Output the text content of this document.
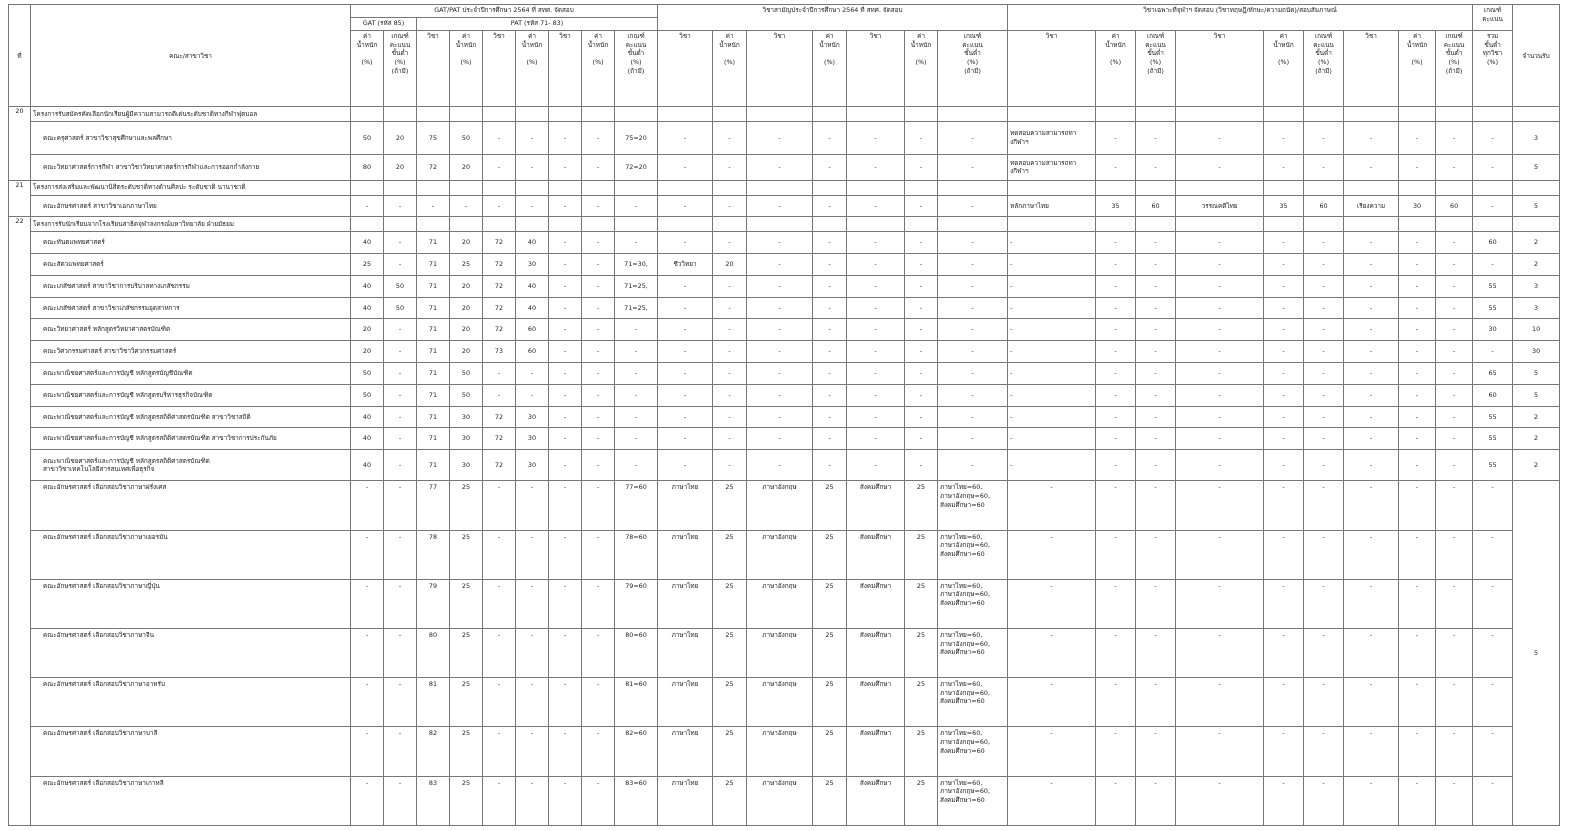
ที่	คณะ/สาขาวิชา	GAT/PAT ประจำปีการศึกษา 2564 ที่ สทศ. จัดสอบ									วิชาสามัญประจำปีการศึกษา 2564 ที่ สทศ. จัดสอบ							วิชาเฉพาะที่จุฬาฯ จัดสอบ (วิชาทฤษฎี/ทักษะ/ความถนัด)/สอบสัมภาษณ์									เกณฑ์
คะแนน	จำนวนรับ
		GAT (รหัส 85)		PAT (รหัส 71- 83)																								
		ค่า
น้ำหนัก

(%)	เกณฑ์
คะแนน
ขั้นต่ำ
(%)
(ถ้ามี)	วิชา	ค่า
น้ำหนัก

(%)	วิชา	ค่า
น้ำหนัก

(%)	วิชา	ค่า
น้ำหนัก

(%)	เกณฑ์
คะแนน
ขั้นต่ำ
(%)
(ถ้ามี)	วิชา	ค่า
น้ำหนัก

(%)	วิชา	ค่า
น้ำหนัก

(%)	วิชา	ค่า
น้ำหนัก

(%)	เกณฑ์
คะแนน
ขั้นต่ำ
(%)
(ถ้ามี)	วิชา	ค่า
น้ำหนัก

(%)	เกณฑ์
คะแนน
ขั้นต่ำ
(%)
(ถ้ามี)	วิชา	ค่า
น้ำหนัก

(%)	เกณฑ์
คะแนน
ขั้นต่ำ
(%)
(ถ้ามี)	วิชา	ค่า
น้ำหนัก

(%)	เกณฑ์
คะแนน
ขั้นต่ำ
(%)
(ถ้ามี)	รวม
ขั้นต่ำ
ทุกวิชา
(%)	
20	โครงการรับสมัครคัดเลือกนักเรียนผู้มีความสามารถดีเด่นระดับชาติทางกีฬาฟุตบอล																											
	คณะครุศาสตร์ สาขาวิชาสุขศึกษาและพลศึกษา	50	20	75	50	-	-	-	-	75=20	-	-	-	-	-	-	-	ทดสอบความสามารถทางกีฬาฯ	-	-	-	-	-	-	-	-	-	3
	คณะวิทยาศาสตร์การกีฬา สาขาวิชาวิทยาศาสตร์การกีฬาและการออกกำลังกาย	80	20	72	20	-	-	-	-	72=20	-	-	-	-	-	-	-	ทดสอบความสามารถทางกีฬาฯ	-	-	-	-	-	-	-	-	-	5
21	โครงการส่งเสริมและพัฒนานิสิตระดับชาติทางด้านศิลปะ ระดับชาติ นานาชาติ																											
	คณะอักษรศาสตร์ สาขาวิชาเอกภาษาไทย	-	-	-	-	-	-	-	-	-	-	-	-	-	-	-	-	หลักภาษาไทย	35	60	วรรณคดีไทย	35	60	เรียงความ	30	60	-	5
22	โครงการรับนักเรียนจากโรงเรียนสาธิตจุฬาลงกรณ์มหาวิทยาลัย ฝ่ายมัธยม																											
	คณะทันตแพทยศาสตร์	40	-	71	20	72	40	-	-	-	-	-	-	-	-	-	-	-	-	-	-	-	-	-	-	-	60	2
	คณะสัตวแพทยศาสตร์	25	-	71	25	72	30	-	-	71=30,	ชีววิทยา	20	-	-	-	-	-	-	-	-	-	-	-	-	-	-	-	2
	คณะเภสัชศาสตร์ สาขาวิชาการบริบาลทางเภสัชกรรม	40	50	71	20	72	40	-	-	71=25,	-	-	-	-	-	-	-	-	-	-	-	-	-	-	-	-	55	3
	คณะเภสัชศาสตร์ สาขาวิชาเภสัชกรรมอุตสาหการ	40	50	71	20	72	40	-	-	71=25,	-	-	-	-	-	-	-	-	-	-	-	-	-	-	-	-	55	3
	คณะวิทยาศาสตร์ หลักสูตรวิทยาศาสตรบัณฑิต	20	-	71	20	72	60	-	-	-	-	-	-	-	-	-	-	-	-	-	-	-	-	-	-	-	30	10
	คณะวิศวกรรมศาสตร์ สาขาวิชาวิศวกรรมศาสตร์	20	-	71	20	73	60	-	-	-	-	-	-	-	-	-	-	-	-	-	-	-	-	-	-	-	-	30
	คณะพาณิชยศาสตร์และการบัญชี หลักสูตรบัญชีบัณฑิต	50	-	71	50	-	-	-	-	-	-	-	-	-	-	-	-	-	-	-	-	-	-	-	-	-	65	5
	คณะพาณิชยศาสตร์และการบัญชี หลักสูตรบริหารธุรกิจบัณฑิต	50	-	71	50	-	-	-	-	-	-	-	-	-	-	-	-	-	-	-	-	-	-	-	-	-	60	5
	คณะพาณิชยศาสตร์และการบัญชี หลักสูตรสถิติศาสตรบัณฑิต สาขาวิชาสถิติ	40	-	71	30	72	30	-	-	-	-	-	-	-	-	-	-	-	-	-	-	-	-	-	-	-	55	2
	คณะพาณิชยศาสตร์และการบัญชี หลักสูตรสถิติศาสตรบัณฑิต สาขาวิชาการประกันภัย	40	-	71	30	72	30	-	-	-	-	-	-	-	-	-	-	-	-	-	-	-	-	-	-	-	55	2
	คณะพาณิชยศาสตร์และการบัญชี หลักสูตรสถิติศาสตรบัณฑิต
สาขาวิชาเทคโนโลยีสารสนเทศเพื่อธุรกิจ	40	-	71	30	72	30	-	-	-	-	-	-	-	-	-	-	-	-	-	-	-	-	-	-	-	55	2
	คณะอักษรศาสตร์ เลือกสอบวิชาภาษาฝรั่งเศส	-	-	77	25	-	-	-	-	77=60	ภาษาไทย	25	ภาษาอังกฤษ	25	สังคมศึกษา	25	ภาษาไทย=60,
ภาษาอังกฤษ=60,
สังคมศึกษา=60	-	-	-	-	-	-	-	-	-	-	5
	คณะอักษรศาสตร์ เลือกสอบวิชาภาษาเยอรมัน	-	-	78	25	-	-	-	-	78=60	ภาษาไทย	25	ภาษาอังกฤษ	25	สังคมศึกษา	25	ภาษาไทย=60,
ภาษาอังกฤษ=60,
สังคมศึกษา=60	-	-	-	-	-	-	-	-	-	-	
	คณะอักษรศาสตร์ เลือกสอบวิชาภาษาญี่ปุ่น	-	-	79	25	-	-	-	-	79=60	ภาษาไทย	25	ภาษาอังกฤษ	25	สังคมศึกษา	25	ภาษาไทย=60,
ภาษาอังกฤษ=60,
สังคมศึกษา=60	-	-	-	-	-	-	-	-	-	-	
	คณะอักษรศาสตร์ เลือกสอบวิชาภาษาจีน	-	-	80	25	-	-	-	-	80=60	ภาษาไทย	25	ภาษาอังกฤษ	25	สังคมศึกษา	25	ภาษาไทย=60,
ภาษาอังกฤษ=60,
สังคมศึกษา=60	-	-	-	-	-	-	-	-	-	-	
	คณะอักษรศาสตร์ เลือกสอบวิชาภาษาอาหรับ	-	-	81	25	-	-	-	-	81=60	ภาษาไทย	25	ภาษาอังกฤษ	25	สังคมศึกษา	25	ภาษาไทย=60,
ภาษาอังกฤษ=60,
สังคมศึกษา=60	-	-	-	-	-	-	-	-	-	-	
	คณะอักษรศาสตร์ เลือกสอบวิชาภาษาบาลี	-	-	82	25	-	-	-	-	82=60	ภาษาไทย	25	ภาษาอังกฤษ	25	สังคมศึกษา	25	ภาษาไทย=60,
ภาษาอังกฤษ=60,
สังคมศึกษา=60	-	-	-	-	-	-	-	-	-	-	
	คณะอักษรศาสตร์ เลือกสอบวิชาภาษาเกาหลี	-	-	83	25	-	-	-	-	83=60	ภาษาไทย	25	ภาษาอังกฤษ	25	สังคมศึกษา	25	ภาษาไทย=60,
ภาษาอังกฤษ=60,
สังคมศึกษา=60	-	-	-	-	-	-	-	-	-	-	
